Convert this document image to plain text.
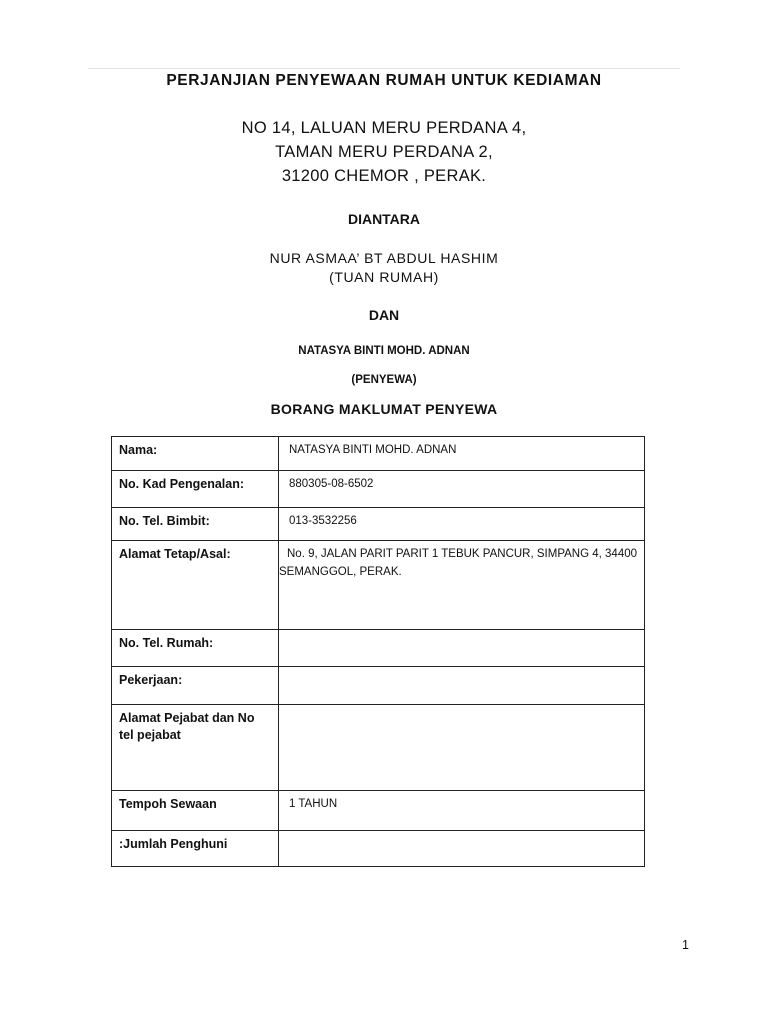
PERJANJIAN PENYEWAAN RUMAH UNTUK KEDIAMAN
NO 14, LALUAN MERU PERDANA 4,
TAMAN MERU PERDANA 2,
31200 CHEMOR , PERAK.
DIANTARA
NUR ASMAA’ BT ABDUL HASHIM
(TUAN RUMAH)
DAN
NATASYA BINTI MOHD. ADNAN
(PENYEWA)
BORANG MAKLUMAT PENYEWA
Nama:	NATASYA BINTI MOHD. ADNAN
No. Kad Pengenalan:	880305-08-6502
No. Tel. Bimbit:	013-3532256
Alamat Tetap/Asal:	No. 9, JALAN PARIT PARIT 1 TEBUK PANCUR, SIMPANG 4, 34400 SEMANGGOL, PERAK.
No. Tel. Rumah:	
Pekerjaan:	
Alamat Pejabat dan No tel pejabat	
Tempoh Sewaan	1 TAHUN
:Jumlah Penghuni	
1
